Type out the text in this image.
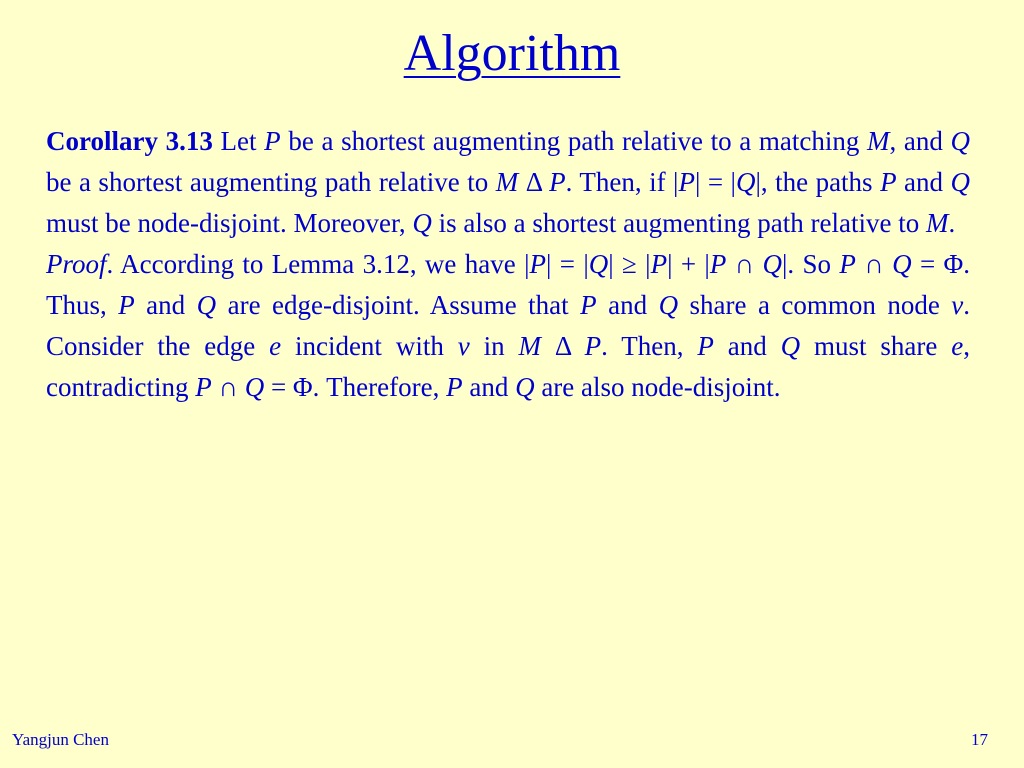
Algorithm

Corollary 3.13 Let P be a shortest augmenting path relative to a matching M, and Q be a shortest augmenting path relative to M Δ P. Then, if |P| = |Q|, the paths P and Q must be node-disjoint. Moreover, Q is also a shortest augmenting path relative to M.

Proof. According to Lemma 3.12, we have |P| = |Q| ≥ |P| + |P ∩ Q|. So P ∩ Q = Φ. Thus, P and Q are edge-disjoint. Assume that P and Q share a common node v. Consider the edge e incident with v in M Δ P. Then, P and Q must share e, contradicting P ∩ Q = Φ. Therefore, P and Q are also node-disjoint.

Yangjun Chen	17
